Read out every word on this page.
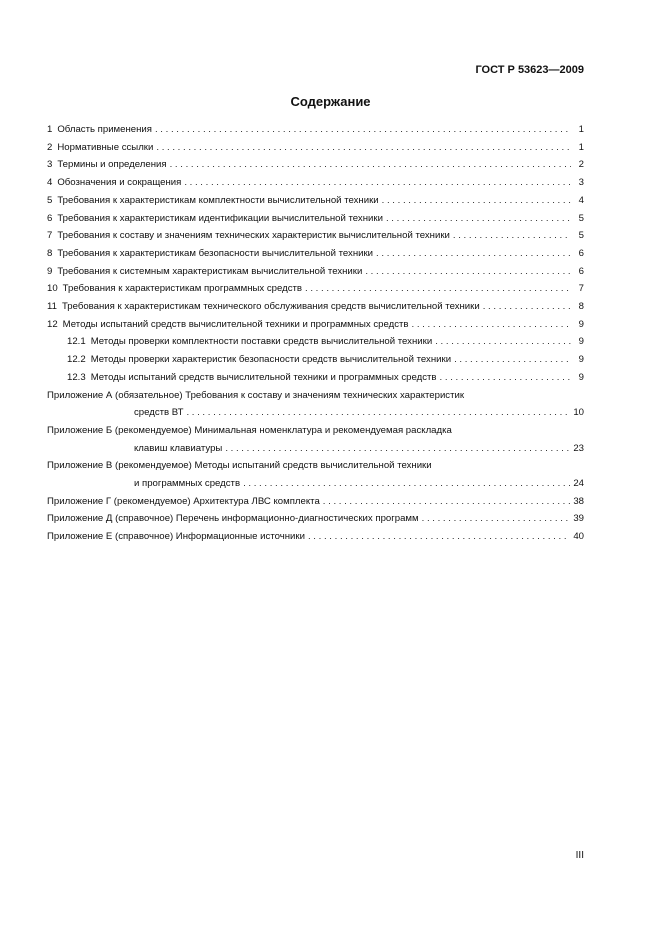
ГОСТ Р 53623—2009
Содержание
1 Область применения . . .	1
2 Нормативные ссылки . . .	1
3 Термины и определения . . .	2
4 Обозначения и сокращения . . .	3
5 Требования к характеристикам комплектности вычислительной техники . . .	4
6 Требования к характеристикам идентификации вычислительной техники . . .	5
7 Требования к составу и значениям технических характеристик вычислительной техники . . .	5
8 Требования к характеристикам безопасности вычислительной техники . . .	6
9 Требования к системным характеристикам вычислительной техники . . .	6
10 Требования к характеристикам программных средств . . .	7
11 Требования к характеристикам технического обслуживания средств вычислительной техники . . .	8
12 Методы испытаний средств вычислительной техники и программных средств . . .	9
12.1 Методы проверки комплектности поставки средств вычислительной техники . . .	9
12.2 Методы проверки характеристик безопасности средств вычислительной техники . . .	9
12.3 Методы испытаний средств вычислительной техники и программных средств . . .	9
Приложение А (обязательное) Требования к составу и значениям технических характеристик
средств ВТ . . .	10
Приложение Б (рекомендуемое) Минимальная номенклатура и рекомендуемая раскладка
клавиш клавиатуры . . .	23
Приложение В (рекомендуемое) Методы испытаний средств вычислительной техники
и программных средств . . .	24
Приложение Г (рекомендуемое) Архитектура ЛВС комплекта . . .	38
Приложение Д (справочное) Перечень информационно-диагностических программ . . .	39
Приложение Е (справочное) Информационные источники . . .	40
III
